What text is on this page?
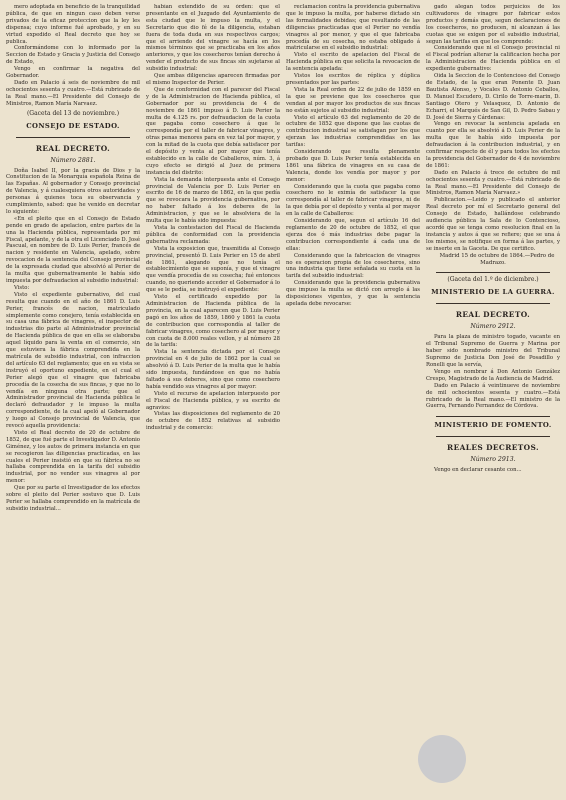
mero adoptada en beneficio de la tranquilidad pública, de que en ningun caso deben verse privados de la eficaz proteccion que la ley les dispensa; cuyo informe fué aprobado, y en su virtud expedido el Real decreto que hoy se publica.

Conformándome con lo informado por la Seccion de Estado y Gracia y Justicia del Consejo de Estado,

Vengo en confirmar la negativa del Gobernador.

Dado en Palacio á seis de noviembre de mil ochocientos sesenta y cuatro.—Está rubricado de la Real mano.—El Presidente del Consejo de Ministros, Ramon María Narvaez.

(Gaceta del 13 de noviembre.)
CONSEJO DE ESTADO.
REAL DECRETO.
Número 2881.

Doña Isabel II, por la gracia de Dios y la Constitucion de la Monarquía española Reina de las Españas. Al gobernador y Consejo provincial de Valencia, y á cualesquiera otros autoridades y personas á quienes toca su observancia y cumplimiento, sabed: que he venido en decretar lo siguiente:

«En el pleito que en el Consejo de Estado pende en grado de apelacion, entre partes de la una la Hacienda pública, representada por mi Fiscal, apelante, y de la otra el Licenciado D. José Pascual, en nombre de D. Luis Perier, francés de nacion y residente en Valencia, apelado, sobre revocacion de la sentencia del Consejo provincial de la expresada ciudad que absolvió al Perier de la multa que gubernativamente le había sido impuesta por defraudacion al subsidio industrial:

Visto:

Visto el expediente gubernativo, del cual resulta que cuando en el año de 1861 D. Luis Perier, francés de nacion, matriculado simplemente como conejero, tenía establecida en su casa una fábrica de vinagres, el inspector de industrias dio parte al Administrador provincial de Hacienda pública de que en ella se elaboraba aquel líquido para la venta en el comercio, sin que estuviera la fábrica comprendida en la matrícula de subsidio industrial, con infraccion del artículo 63 del reglamento; que en su vista se instruyó el oportuno expediente, en el cual el Perier alegó que el vinagre que fabricaba procedía de la cosecha de sus fincas, y que no lo vendía en ninguna otra parte; que el Administrador provincial de Hacienda pública le declaró defraudador y le impuso la multa correspondiente, de la cual apeló al Gobernador y luego al Consejo provincial de Valencia, que revocó aquella providencia:

Visto el Real decreto de 20 de octubre de 1852, de que fué parte el Investigador D. Antonio Giménez, y los autos de primera instancia en que se recogieron las diligencias practicadas, en las cuales el Perier insistió en que su fábrica no se hallaba comprendida en la tarifa del subsidio industrial, por no vender sus vinagres al por menor:

Que por su parte el Investigador de los efectos sobre el pleito del Perier sostuvo que D. Luis Perier se hallaba comprendido en la matrícula de subsidio industrial...

habían extendido de su órden: que el presentante en el Juzgado del Ayuntamiento de esta ciudad que le impuso la multa, y el Secretario que dio fé de la diligencia, estaban fuera de toda duda en sus respectivos cargos; que el arriendo del vinagre se hacía en los mismos términos que se practicaba en los años anteriores, y que los cosecheros tenían derecho á vender el producto de sus fincas sin sujetarse al subsidio industrial:

Que ambas diligencias aparecen firmadas por el mismo Inspector de Perier.

Que de conformidad con el parecer del Fiscal y de la Administracion de Hacienda pública, el Gobernador por su providencia de 4 de noviembre de 1861 impuso á D. Luis Perier la multa de 4.125 rs. por defraudacion de la cuota que pagaba como cosechero á que le correspondía por el taller de fabricar vinagres, y otras penas menores para en vez tal por mayor, y con la mitad de la cuota que debía satisfacer por el depósito y venta al por mayor que tenía establecido en la calle de Caballeros, núm. 3, á cuyo efecto se dirigió al Juez de primera instancia del distrito:

Vista la demanda interpuesta ante el Consejo provincial de Valencia por D. Luis Perier en escrito de 16 de marzo de 1862, en la que pedía que se revocara la providencia gubernativa, por no haber faltado á los deberes de la Administracion, y que se le absolviera de la multa que le había sido impuesta:

Vista la contestacion del Fiscal de Hacienda pública de conformidad con la providencia gubernativa reclamada:

Vista la exposicion que, trasmitida al Consejo provincial, presentó D. Luis Perier en 15 de abril de 1861, alegando que no tenía el establecimiento que se suponía, y que el vinagre que vendía procedía de su cosecha; fué entonces cuando, no queriendo acceder el Gobernador á lo que se le pedía, se instruyó el expediente:

Visto el certificado expedido por la Administracion de Hacienda pública de la provincia, en la cual aparecen que D. Luis Perier pagó en los años de 1859, 1860 y 1861 la cuota de contribucion que correspondía al taller de fabricar vinagres, como cosechero al por mayor y con cuota de 8.000 reales vellon, y al número 28 de la tarifa:

Vista la sentencia dictada por el Consejo provincial en 4 de julio de 1862 por la cual se absolvió á D. Luis Perier de la multa que le había sido impuesta, fundándose en que no había faltado á sus deberes, sino que como cosechero había vendido sus vinagres al por mayor:

Visto el recurso de apelacion interpuesto por el Fiscal de Hacienda pública, y su escrito de agravios:

Vistas las disposiciones del reglamento de 20 de octubre de 1852 relativas al subsidio industrial y de comercio:

reclamacion contra la providencia gubernativa que le impuso la multa, por haberse dictado sin las formalidades debidas; que resultando de las diligencias practicadas que el Perier no vendía vinagres al por menor, y que el que fabricaba procedía de su cosecha, no estaba obligado á matricularse en el subsidio industrial:

Visto el escrito de apelacion del Fiscal de Hacienda pública en que solicita la revocacion de la sentencia apelada:

Vistos los escritos de réplica y dúplica presentados por las partes:

Vista la Real orden de 22 de julio de 1859 en la que se previene que los cosecheros que vendan al por mayor los productos de sus fincas no están sujetos al subsidio industrial:

Visto el artículo 63 del reglamento de 20 de octubre de 1852 que dispone que las cuotas de contribucion industrial se satisfagan por los que ejerzan las industrias comprendidas en las tarifas:

Considerando que resulta plenamente probado que D. Luis Perier tenía establecida en 1861 una fábrica de vinagres en su casa de Valencia, donde los vendía por mayor y por menor:

Considerando que la cuota que pagaba como cosechero no le eximía de satisfacer la que correspondía al taller de fabricar vinagres, ni de la que debía por el depósito y venta al por mayor en la calle de Caballeros:

Considerando que, segun el artículo 16 del reglamento de 20 de octubre de 1852, el que ejerza dos ó más industrias debe pagar la contribucion correspondiente á cada una de ellas:

Considerando que la fabricacion de vinagres no es operacion propia de los cosecheros, sino una industria que tiene señalada su cuota en la tarifa del subsidio industrial:

Considerando que la providencia gubernativa que impuso la multa se dictó con arreglo á las disposiciones vigentes, y que la sentencia apelada debe revocarse:

gado alegan todos perjuicios de los cultivadores de vinagre por fabricar estos productos y demás que, segun declaraciones de los cosecheros, no producen, ni alcanzan á las cuotas que se exigen por el subsidio industrial, segun las tarifas en que los comprende:

Considerando que ni el Consejo provincial ni el Fiscal podrían alterar la calificacion hecha por la Administracion de Hacienda pública en el expediente gubernativo:

Oida la Seccion de lo Contencioso del Consejo de Estado, de la que eran Ponente D. Juan Bautista Alonso, y Vocales D. Antonio Ceballos, D. Manuel Escudero, D. Cirilo de Torre-marin, D. Santiago Otero y Velasquez, D. Antonio de Echarri, el Marqués de San Gil, D. Pedro Sabau y D. José de Sierra y Cárdenas:

Vengo en revocar la sentencia apelada en cuanto por ella se absolvió á D. Luis Perier de la multa que le había sido impuesta por defraudacion á la contribucion industrial, y en confirmar respecto de él y para todos los efectos la providencia del Gobernador de 4 de noviembre de 1861:

Dado en Palacio á trece de octubre de mil ochocientos sesenta y cuatro.—Está rubricado de la Real mano.—El Presidente del Consejo de Ministros, Ramon María Narvaez.»

Publicacion.—Leido y publicado el anterior Real decreto por mí el Secretario general del Consejo de Estado, hallándose celebrando audiencia pública la Sala de lo Contencioso, acordé que se tenga como resolucion final en la instancia y autos á que se refiere; que se una á los mismos, se notifique en forma á las partes, y se inserte en la Gaceta. De que certifico.

Madrid 15 de octubre de 1864.—Pedro de Madrazo.

(Gaceta del 1.º de diciembre.)
MINISTERIO DE LA GUERRA.
REAL DECRETO.
Número 2912.

Para la plaza de ministro togado, vacante en el Tribunal Supremo de Guerra y Marina por haber sido nombrado ministro del Tribunal Supremo de Justicia Don José de Posadillo y Ronelli que la servía,

Vengo en nombrar á Don Antonio González Crespo, Magistrado de la Audiencia de Madrid.

Dado en Palacio á veintinueve de noviembre de mil ochocientos sesenta y cuatro.—Está rubricado de la Real mano.—El ministro de la Guerra, Fernando Fernandez de Córdova.

MINISTERIO DE FOMENTO.
REALES DECRETOS.
Número 2913.

Vengo en declarar cesante con...
